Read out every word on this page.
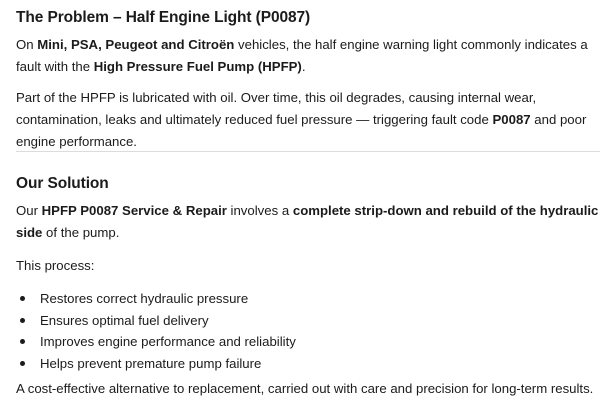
The Problem – Half Engine Light (P0087)

On Mini, PSA, Peugeot and Citroën vehicles, the half engine warning light commonly indicates a fault with the High Pressure Fuel Pump (HPFP).

Part of the HPFP is lubricated with oil. Over time, this oil degrades, causing internal wear, contamination, leaks and ultimately reduced fuel pressure — triggering fault code P0087 and poor engine performance.

Our Solution

Our HPFP P0087 Service & Repair involves a complete strip-down and rebuild of the hydraulic side of the pump.

This process:

Restores correct hydraulic pressure
Ensures optimal fuel delivery
Improves engine performance and reliability
Helps prevent premature pump failure

A cost-effective alternative to replacement, carried out with care and precision for long-term results.
